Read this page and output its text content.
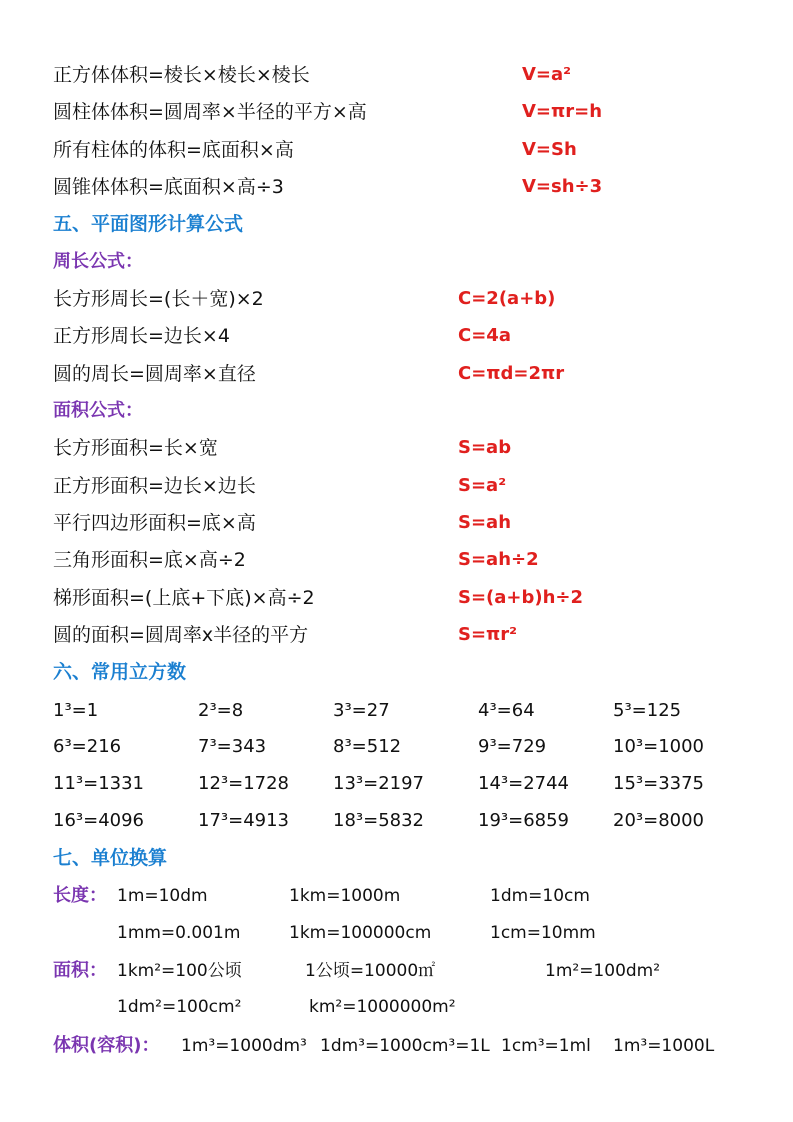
正方体体积=棱长×棱长×棱长	V=a²
圆柱体体积=圆周率×半径的平方×高	V=πr=h
所有柱体的体积=底面积×高	V=Sh
圆锥体体积=底面积×高÷3	V=sh÷3
五、平面图形计算公式
周长公式：
长方形周长=(长＋宽)×2	C=2(a+b)
正方形周长=边长×4	C=4a
圆的周长=圆周率×直径	C=πd=2πr
面积公式：
长方形面积=长×宽	S=ab
正方形面积=边长×边长	S=a²
平行四边形面积=底×高	S=ah
三角形面积=底×高÷2	S=ah÷2
梯形面积=(上底+下底)×高÷2	S=(a+b)h÷2
圆的面积=圆周率x半径的平方	S=πr²
六、常用立方数
1³=1	2³=8	3³=27	4³=64	5³=125
6³=216	7³=343	8³=512	9³=729	10³=1000
11³=1331	12³=1728 13³=2197	14³=2744 15³=3375
16³=4096	17³=4913 18³=5832	19³=6859 20³=8000
七、单位换算
长度： 1m=10dm	1km=1000m	1dm=10cm
1mm=0.001m	1km=100000cm	1cm=10mm
面积： 1km²=100公顷	1公顷=10000㎡	1m²=100dm²
1dm²=100cm²	km²=1000000m²
体积(容积)： 1m³=1000dm³ 1dm³=1000cm³=1L 1cm³=1ml 1m³=1000L
